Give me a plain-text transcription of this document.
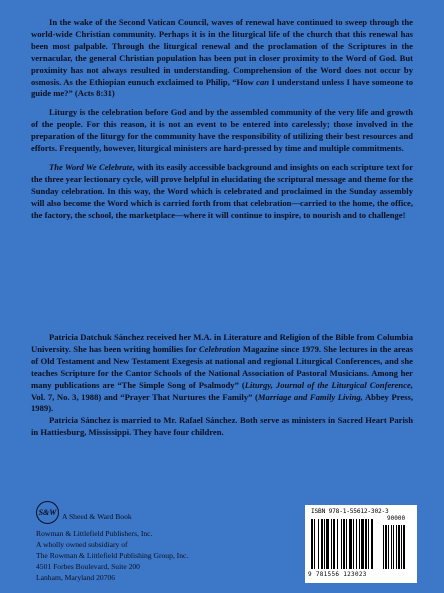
In the wake of the Second Vatican Council, waves of renewal have continued to sweep through the world-wide Christian community. Perhaps it is in the liturgical life of the church that this renewal has been most palpable. Through the liturgical renewal and the proclamation of the Scriptures in the vernacular, the general Christian population has been put in closer proximity to the Word of God. But proximity has not always resulted in understanding. Comprehension of the Word does not occur by osmosis. As the Ethiopian eunuch exclaimed to Philip, “How can I understand unless I have someone to guide me?” (Acts 8:31)

Liturgy is the celebration before God and by the assembled community of the very life and growth of the people. For this reason, it is not an event to be entered into carelessly; those involved in the preparation of the liturgy for the community have the responsibility of utilizing their best resources and efforts. Frequently, however, liturgical ministers are hard-pressed by time and multiple commitments.

The Word We Celebrate, with its easily accessible background and insights on each scripture text for the three year lectionary cycle, will prove helpful in elucidating the scriptural message and theme for the Sunday celebration. In this way, the Word which is celebrated and proclaimed in the Sunday assembly will also become the Word which is carried forth from that celebration—carried to the home, the office, the factory, the school, the marketplace—where it will continue to inspire, to nourish and to challenge!

Patricia Datchuk Sánchez received her M.A. in Literature and Religion of the Bible from Columbia University. She has been writing homilies for Celebration Magazine since 1979. She lectures in the areas of Old Testament and New Testament Exegesis at national and regional Liturgical Conferences, and she teaches Scripture for the Cantor Schools of the National Association of Pastoral Musicians. Among her many publications are “The Simple Song of Psalmody” (Liturgy, Journal of the Liturgical Conference, Vol. 7, No. 3, 1988) and “Prayer That Nurtures the Family” (Marriage and Family Living, Abbey Press, 1989).

Patricia Sánchez is married to Mr. Rafael Sánchez. Both serve as ministers in Sacred Heart Parish in Hattiesburg, Mississippi. They have four children.

S&W A Sheed & Ward Book
Rowman & Littlefield Publishers, Inc.
A wholly owned subsidiary of
The Rowman & Littlefield Publishing Group, Inc.
4501 Forbes Boulevard, Suite 200
Lanham, Maryland 20706
ISBN 978-1-55612-302-3
90000
9 781556 123023
